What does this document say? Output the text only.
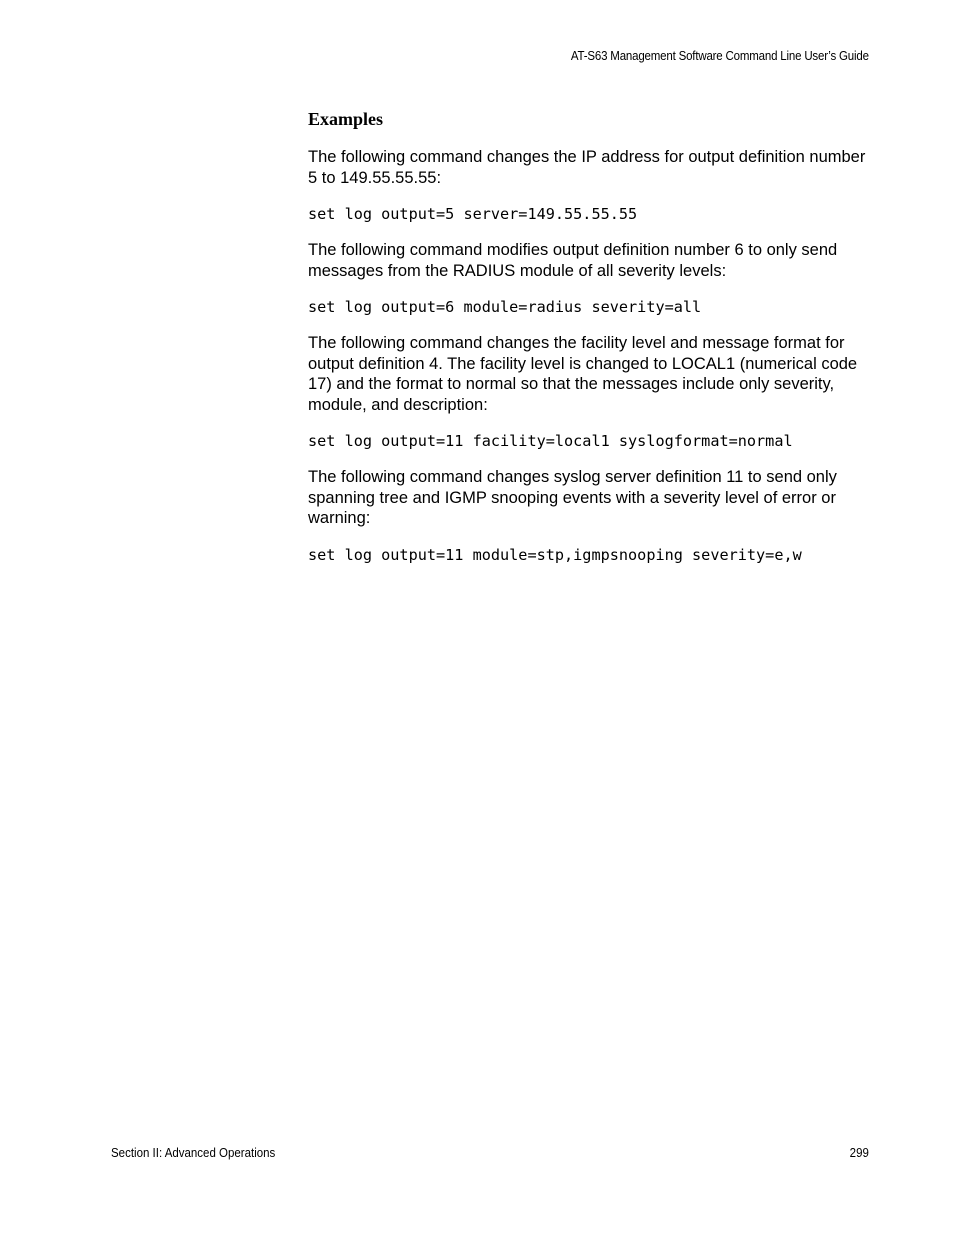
AT-S63 Management Software Command Line User’s Guide
Examples
The following command changes the IP address for output definition number 5 to 149.55.55.55:
set log output=5 server=149.55.55.55
The following command modifies output definition number 6 to only send messages from the RADIUS module of all severity levels:
set log output=6 module=radius severity=all
The following command changes the facility level and message format for output definition 4. The facility level is changed to LOCAL1 (numerical code 17) and the format to normal so that the messages include only severity, module, and description:
set log output=11 facility=local1 syslogformat=normal
The following command changes syslog server definition 11 to send only spanning tree and IGMP snooping events with a severity level of error or warning:
set log output=11 module=stp,igmpsnooping severity=e,w
Section II: Advanced Operations	299
